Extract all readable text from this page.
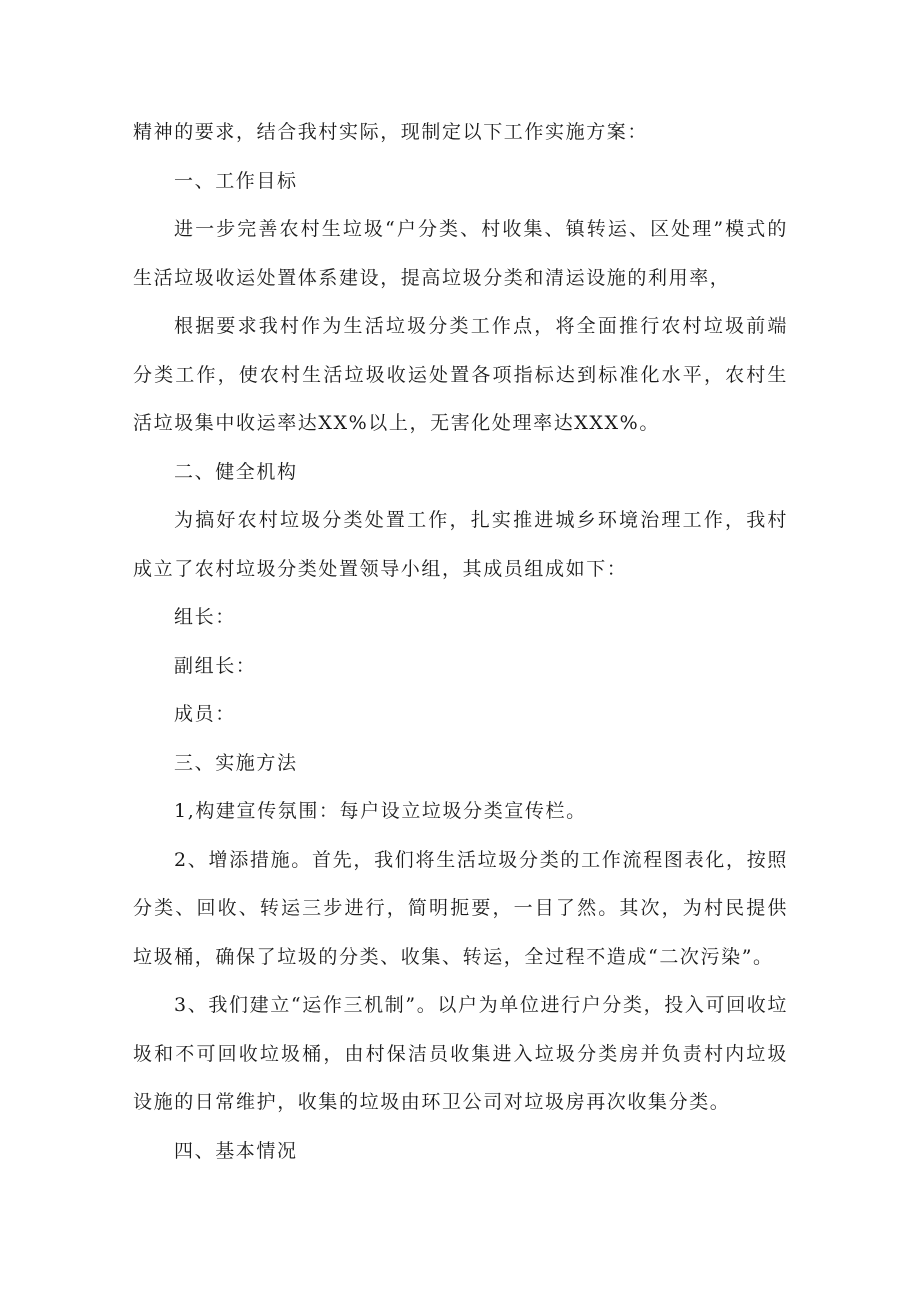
精神的要求，结合我村实际，现制定以下工作实施方案：

一、工作目标

进一步完善农村生垃圾“户分类、村收集、镇转运、区处理”模式的生活垃圾收运处置体系建设，提高垃圾分类和清运设施的利用率，

根据要求我村作为生活垃圾分类工作点，将全面推行农村垃圾前端分类工作，使农村生活垃圾收运处置各项指标达到标准化水平，农村生活垃圾集中收运率达XX%以上，无害化处理率达XXX%。

二、健全机构

为搞好农村垃圾分类处置工作，扎实推进城乡环境治理工作，我村成立了农村垃圾分类处置领导小组，其成员组成如下：

组长：

副组长：

成员：

三、实施方法

1,构建宣传氛围：每户设立垃圾分类宣传栏。

2、增添措施。首先，我们将生活垃圾分类的工作流程图表化，按照分类、回收、转运三步进行，简明扼要，一目了然。其次，为村民提供垃圾桶，确保了垃圾的分类、收集、转运，全过程不造成“二次污染”。

3、我们建立“运作三机制”。以户为单位进行户分类，投入可回收垃圾和不可回收垃圾桶，由村保洁员收集进入垃圾分类房并负责村内垃圾设施的日常维护，收集的垃圾由环卫公司对垃圾房再次收集分类。

四、基本情况
